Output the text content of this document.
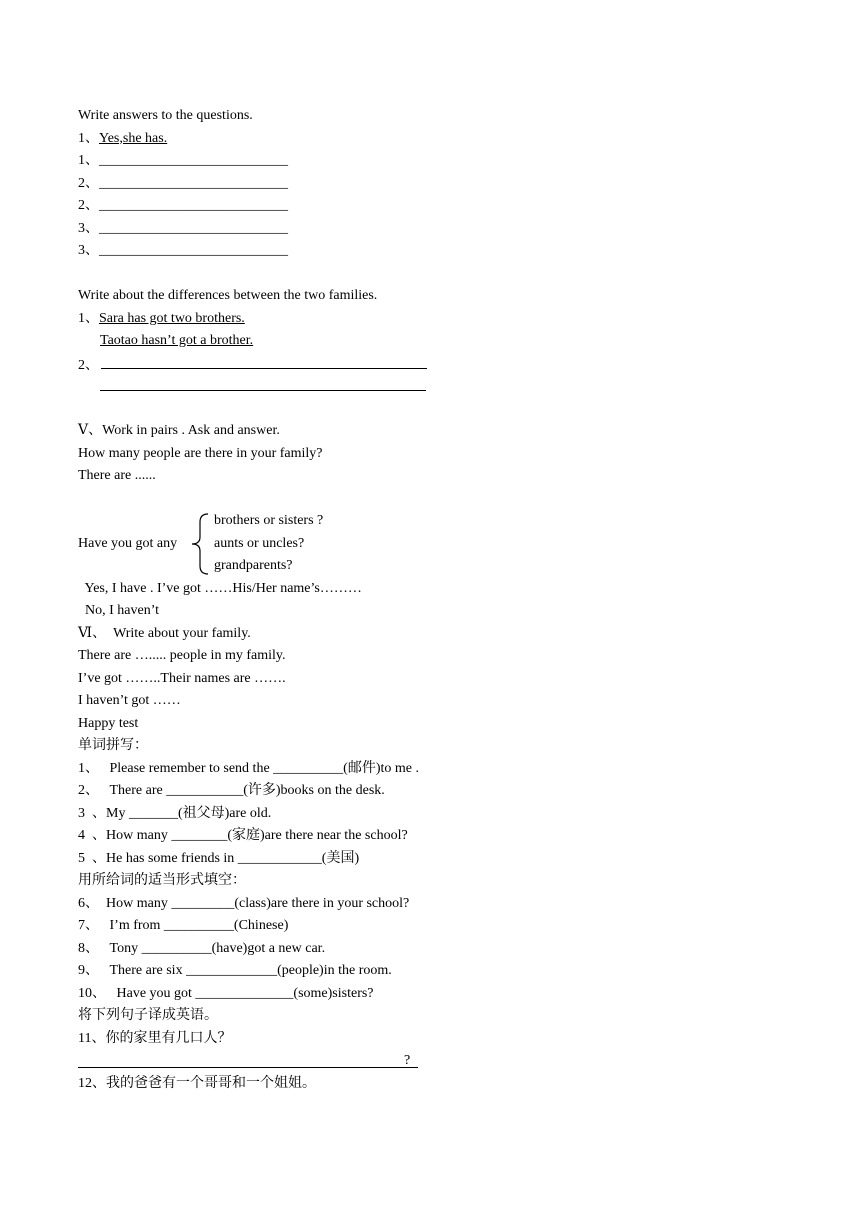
Write answers to the questions.
1、Yes,she has.
1、___________________________
2、___________________________
2、___________________________
3、___________________________
3、___________________________
Write about the differences between the two families.
1、Sara has got two brothers.
Taotao hasn’t got a brother.
2、
Ⅴ、Work in pairs . Ask and answer.
How many people are there in your family?
There are ......
Have you got any
brothers or sisters ?
aunts or uncles?
grandparents?
Yes, I have . I’ve got ……His/Her name’s………
No, I haven’t
Ⅵ、  Write about your family.
There are …..... people in my family.
I’ve got ……..Their names are …….
I haven’t got ……
Happy test
单词拼写：
1、   Please remember to send the __________(邮件)to me .
2、   There are ___________(许多)books on the desk.
3  、My _______(祖父母)are old.
4  、How many ________(家庭)are there near the school?
5  、He has some friends in ____________(美国)
用所给词的适当形式填空：
6、  How many _________(class)are there in your school?
7、   I’m from __________(Chinese)
8、   Tony __________(have)got a new car.
9、   There are six _____________(people)in the room.
10、   Have you got ______________(some)sisters?
将下列句子译成英语。
11、你的家里有几口人？
?
12、我的爸爸有一个哥哥和一个姐姐。
